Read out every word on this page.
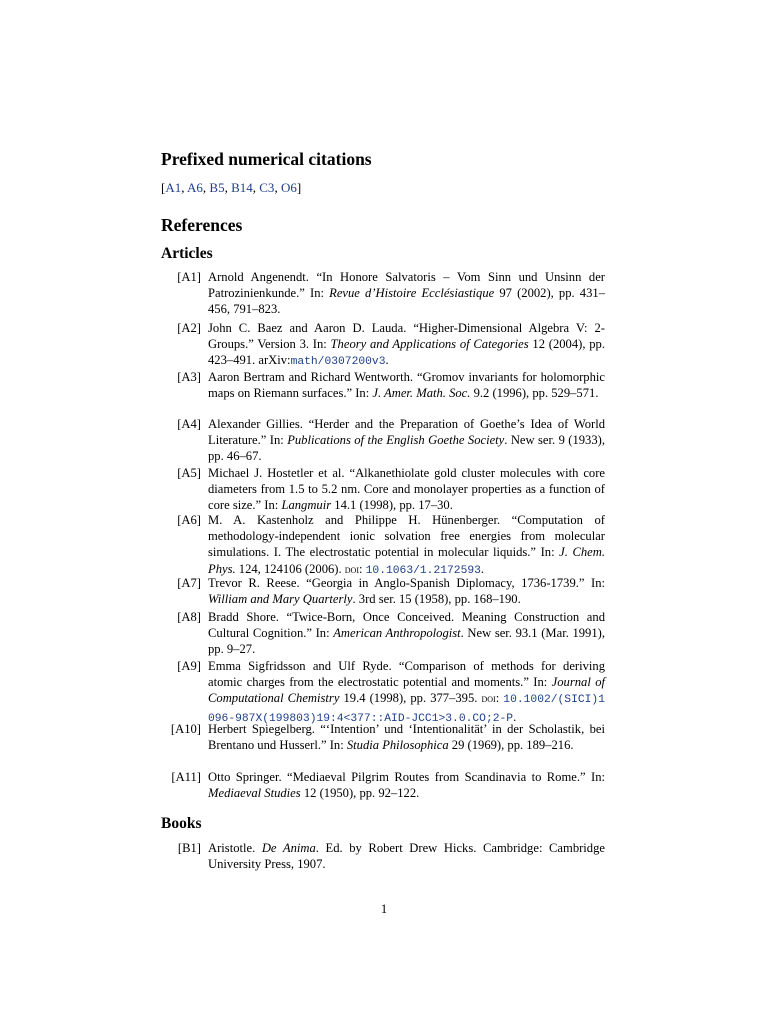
Prefixed numerical citations
[A1, A6, B5, B14, C3, O6]
References
Articles
[A1] Arnold Angenendt. “In Honore Salvatoris – Vom Sinn und Unsinn der Patrozinienkunde.” In: Revue d’Histoire Ecclésiastique 97 (2002), pp. 431–456, 791–823.
[A2] John C. Baez and Aaron D. Lauda. “Higher-Dimensional Algebra V: 2-Groups.” Version 3. In: Theory and Applications of Categories 12 (2004), pp. 423–491. arXiv:math/0307200v3.
[A3] Aaron Bertram and Richard Wentworth. “Gromov invariants for holomorphic maps on Riemann surfaces.” In: J. Amer. Math. Soc. 9.2 (1996), pp. 529–571.
[A4] Alexander Gillies. “Herder and the Preparation of Goethe’s Idea of World Literature.” In: Publications of the English Goethe Society. New ser. 9 (1933), pp. 46–67.
[A5] Michael J. Hostetler et al. “Alkanethiolate gold cluster molecules with core diameters from 1.5 to 5.2 nm. Core and monolayer properties as a function of core size.” In: Langmuir 14.1 (1998), pp. 17–30.
[A6] M. A. Kastenholz and Philippe H. Hünenberger. “Computation of methodology-independent ionic solvation free energies from molecular simulations. I. The electrostatic potential in molecular liquids.” In: J. Chem. Phys. 124, 124106 (2006). doi: 10.1063/1.2172593.
[A7] Trevor R. Reese. “Georgia in Anglo-Spanish Diplomacy, 1736-1739.” In: William and Mary Quarterly. 3rd ser. 15 (1958), pp. 168–190.
[A8] Bradd Shore. “Twice-Born, Once Conceived. Meaning Construction and Cultural Cognition.” In: American Anthropologist. New ser. 93.1 (Mar. 1991), pp. 9–27.
[A9] Emma Sigfridsson and Ulf Ryde. “Comparison of methods for deriving atomic charges from the electrostatic potential and moments.” In: Journal of Computational Chemistry 19.4 (1998), pp. 377–395. doi: 10.1002/(SICI)1096-987X(199803)19:4<377::AID-JCC1>3.0.CO;2-P.
[A10] Herbert Spiegelberg. “‘Intention’ und ‘Intentionalität’ in der Scholastik, bei Brentano und Husserl.” In: Studia Philosophica 29 (1969), pp. 189–216.
[A11] Otto Springer. “Mediaeval Pilgrim Routes from Scandinavia to Rome.” In: Mediaeval Studies 12 (1950), pp. 92–122.
Books
[B1] Aristotle. De Anima. Ed. by Robert Drew Hicks. Cambridge: Cambridge University Press, 1907.
1
